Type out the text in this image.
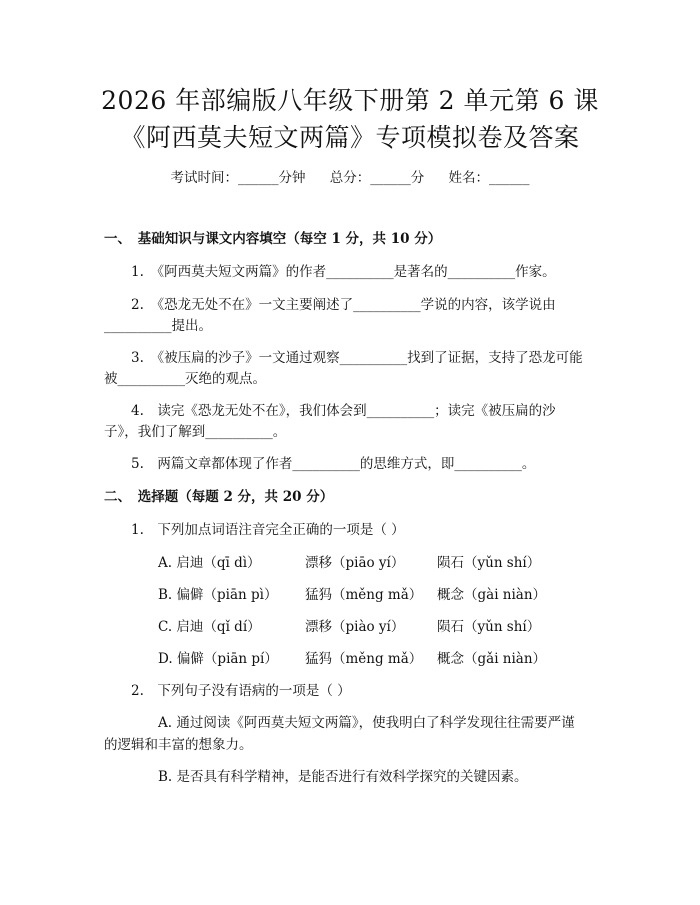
2026 年部编版八年级下册第 2 单元第 6 课
《阿西莫夫短文两篇》专项模拟卷及答案
考试时间：______分钟 总分：______分 姓名：______
一、　基础知识与课文内容填空（每空 1 分，共 10 分）
1.　《阿西莫夫短文两篇》的作者__________是著名的__________作家。
2.　《恐龙无处不在》一文主要阐述了__________学说的内容，该学说由
__________提出。
3.　《被压扁的沙子》一文通过观察__________找到了证据，支持了恐龙可能
被__________灭绝的观点。
4.　读完《恐龙无处不在》，我们体会到__________；读完《被压扁的沙
子》，我们了解到__________。
5.　两篇文章都体现了作者__________的思维方式，即__________。
二、　选择题（每题 2 分，共 20 分）
1.　下列加点词语注音完全正确的一项是（ ）
A. 启迪（qī dì）	漂移（piāo yí） 陨石（yǔn shí）
B. 偏僻（piān pì） 猛犸（měng mǎ） 概念（gài niàn）
C. 启迪（qǐ dí）	漂移（piào yí） 陨石（yǔn shí）
D. 偏僻（piān pí） 猛犸（měng mǎ） 概念（gǎi niàn）
2.　下列句子没有语病的一项是（ ）
A. 通过阅读《阿西莫夫短文两篇》，使我明白了科学发现往往需要严谨
的逻辑和丰富的想象力。
B. 是否具有科学精神，是能否进行有效科学探究的关键因素。
